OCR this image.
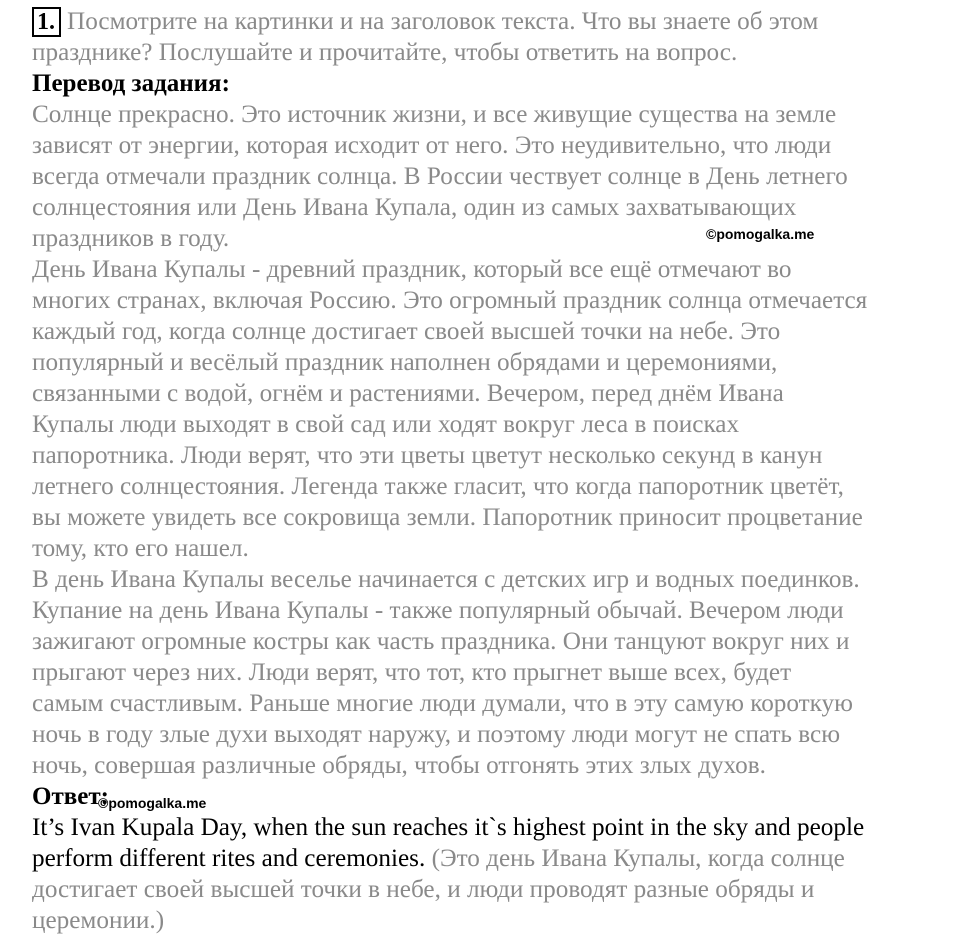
1. Посмотрите на картинки и на заголовок текста. Что вы знаете об этом
празднике? Послушайте и прочитайте, чтобы ответить на вопрос.
Перевод задания:
Солнце прекрасно. Это источник жизни, и все живущие существа на земле
зависят от энергии, которая исходит от него. Это неудивительно, что люди
всегда отмечали праздник солнца. В России чествует солнце в День летнего
солнцестояния или День Ивана Купала, один из самых захватывающих
праздников в году.
День Ивана Купалы - древний праздник, который все ещё отмечают во
многих странах, включая Россию. Это огромный праздник солнца отмечается
каждый год, когда солнце достигает своей высшей точки на небе. Это
популярный и весёлый праздник наполнен обрядами и церемониями,
связанными с водой, огнём и растениями. Вечером, перед днём Ивана
Купалы люди выходят в свой сад или ходят вокруг леса в поисках
папоротника. Люди верят, что эти цветы цветут несколько секунд в канун
летнего солнцестояния. Легенда также гласит, что когда папоротник цветёт,
вы можете увидеть все сокровища земли. Папоротник приносит процветание
тому, кто его нашел.
В день Ивана Купалы веселье начинается с детских игр и водных поединков.
Купание на день Ивана Купалы - также популярный обычай. Вечером люди
зажигают огромные костры как часть праздника. Они танцуют вокруг них и
прыгают через них. Люди верят, что тот, кто прыгнет выше всех, будет
самым счастливым. Раньше многие люди думали, что в эту самую короткую
ночь в году злые духи выходят наружу, и поэтому люди могут не спать всю
ночь, совершая различные обряды, чтобы отгонять этих злых духов.
Ответ:
It’s Ivan Kupala Day, when the sun reaches it`s highest point in the sky and people
perform different rites and ceremonies. (Это день Ивана Купалы, когда солнце
достигает своей высшей точки в небе, и люди проводят разные обряды и
церемонии.)
©pomogalka.me
©pomogalka.me
